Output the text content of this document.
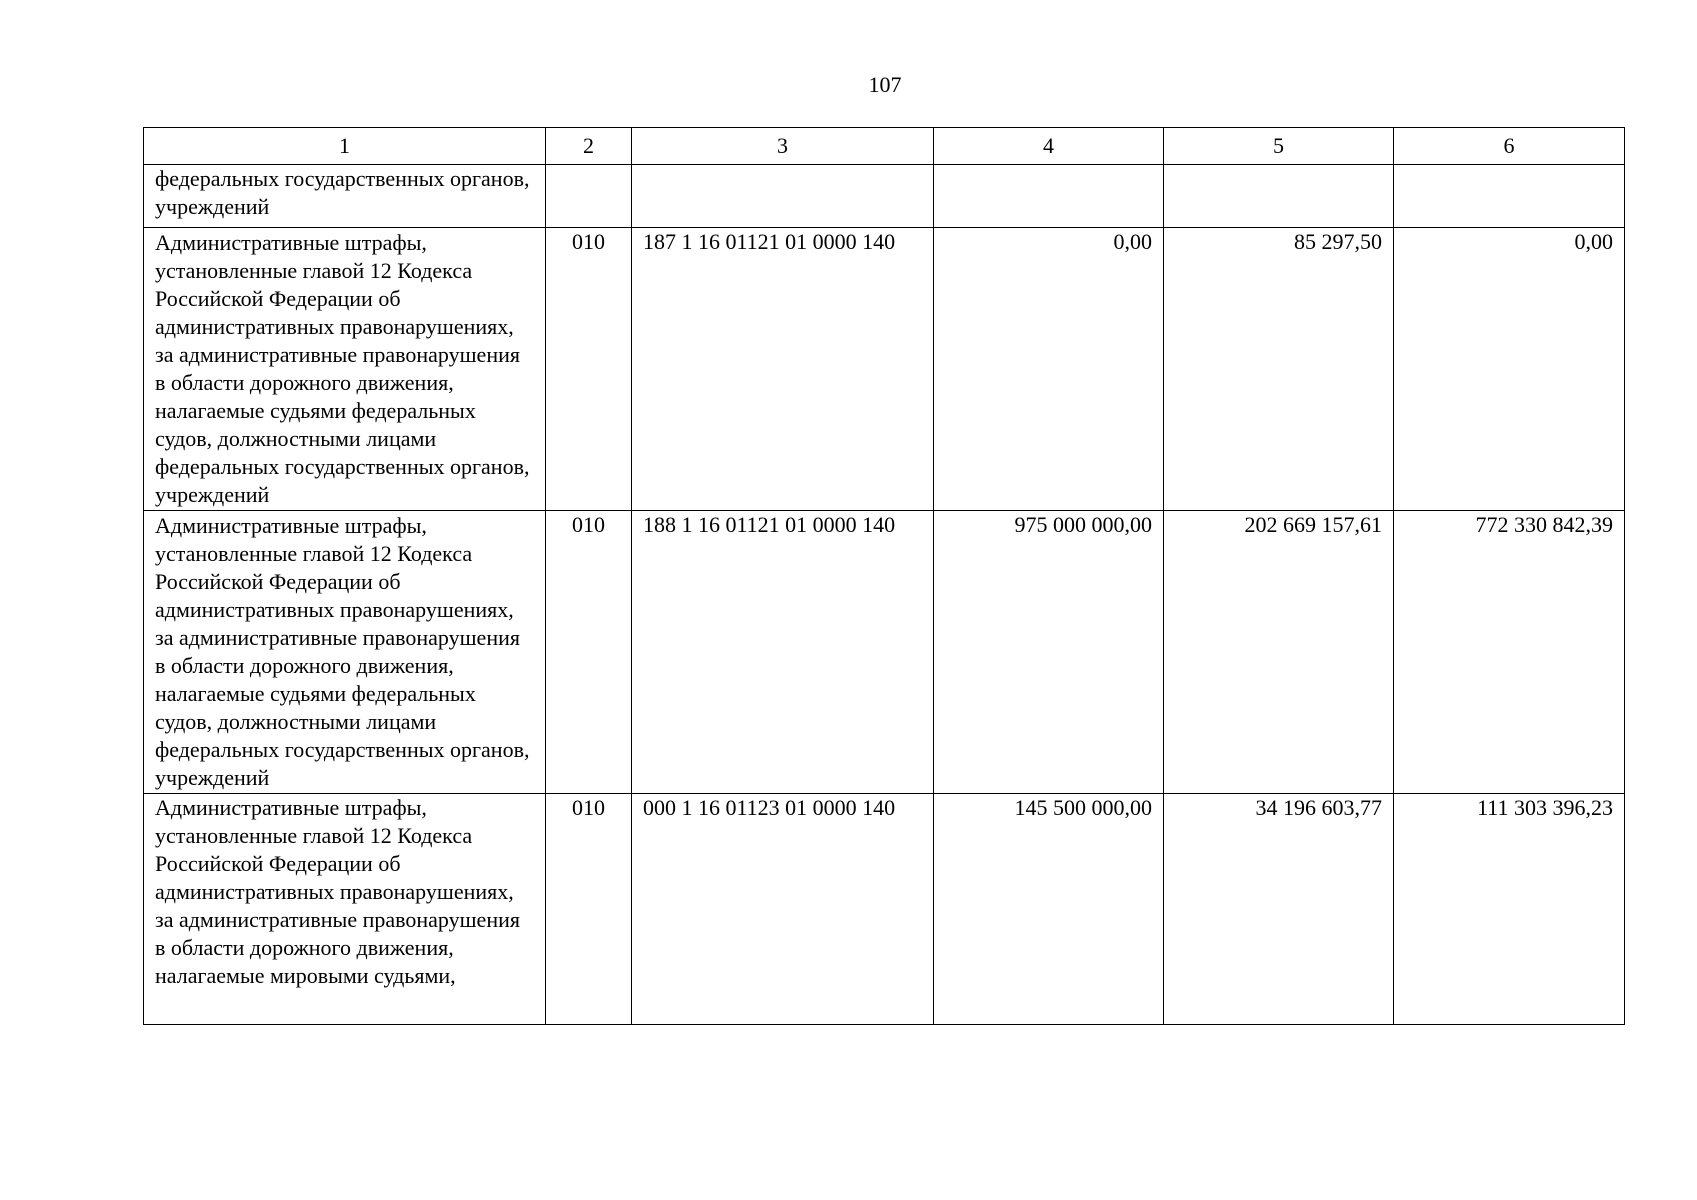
107
1	2	3	4	5	6
федеральных государственных органов, учреждений					
Административные штрафы, установленные главой 12 Кодекса Российской Федерации об административных правонарушениях, за административные правонарушения в области дорожного движения, налагаемые судьями федеральных судов, должностными лицами федеральных государственных органов, учреждений	010	187 1 16 01121 01 0000 140	0,00	85 297,50	0,00
Административные штрафы, установленные главой 12 Кодекса Российской Федерации об административных правонарушениях, за административные правонарушения в области дорожного движения, налагаемые судьями федеральных судов, должностными лицами федеральных государственных органов, учреждений	010	188 1 16 01121 01 0000 140	975 000 000,00	202 669 157,61	772 330 842,39
Административные штрафы, установленные главой 12 Кодекса Российской Федерации об административных правонарушениях, за административные правонарушения в области дорожного движения, налагаемые мировыми судьями,	010	000 1 16 01123 01 0000 140	145 500 000,00	34 196 603,77	111 303 396,23
